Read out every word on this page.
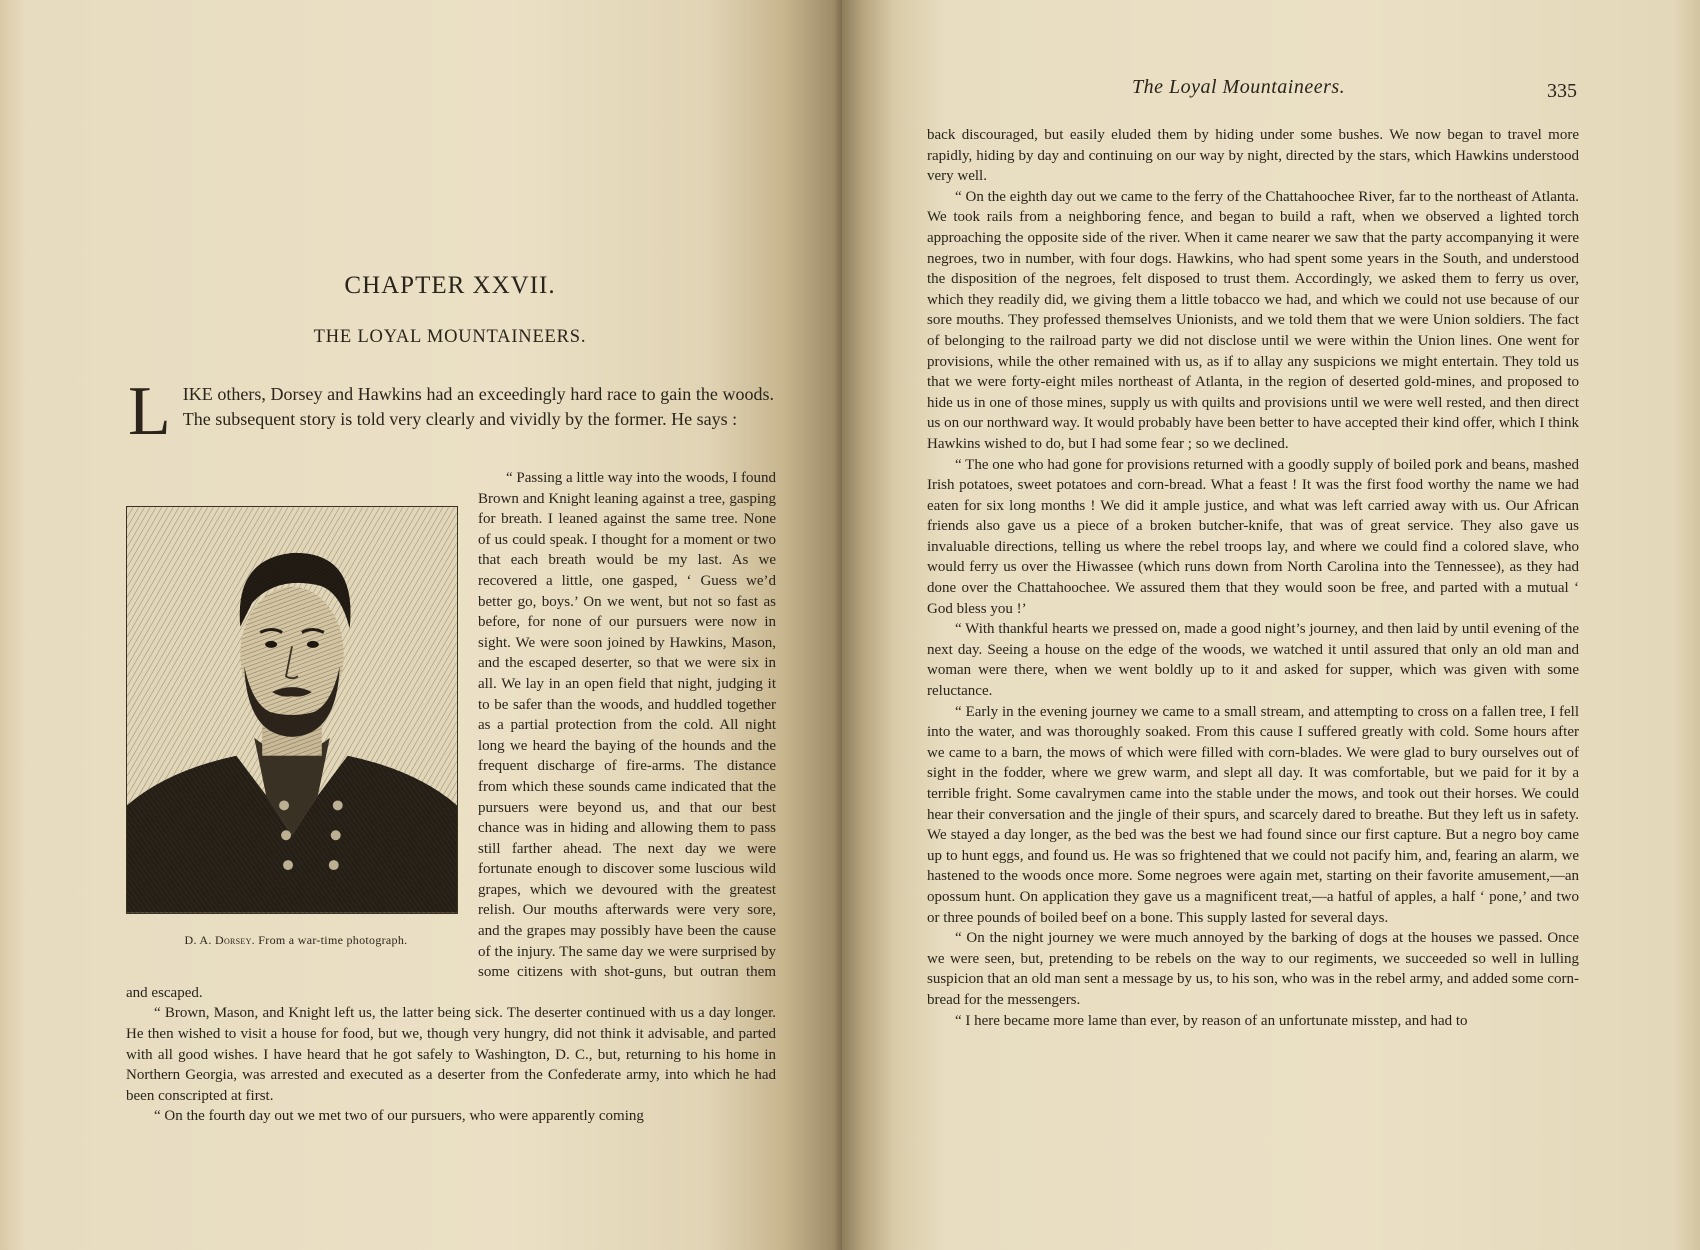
CHAPTER XXVII.
THE LOYAL MOUNTAINEERS.
L IKE others, Dorsey and Hawkins had an exceedingly hard race to gain the woods. The subsequent story is told very clearly and vividly by the former. He says :
D. A. Dorsey. From a war-time photograph.

“ Passing a little way into the woods, I found Brown and Knight leaning against a tree, gasping for breath. I leaned against the same tree. None of us could speak. I thought for a moment or two that each breath would be my last. As we recovered a little, one gasped, ‘ Guess we’d better go, boys.’ On we went, but not so fast as before, for none of our pursuers were now in sight. We were soon joined by Hawkins, Mason, and the escaped deserter, so that we were six in all. We lay in an open field that night, judging it to be safer than the woods, and huddled together as a partial protection from the cold. All night long we heard the baying of the hounds and the frequent discharge of fire-arms. The distance from which these sounds came indicated that the pursuers were beyond us, and that our best chance was in hiding and allowing them to pass still farther ahead. The next day we were fortunate enough to discover some luscious wild grapes, which we devoured with the greatest relish. Our mouths afterwards were very sore, and the grapes may possibly have been the cause of the injury. The same day we were surprised by some citizens with shot-guns, but outran them and escaped.

“ Brown, Mason, and Knight left us, the latter being sick. The deserter continued with us a day longer. He then wished to visit a house for food, but we, though very hungry, did not think it advisable, and parted with all good wishes. I have heard that he got safely to Washington, D. C., but, returning to his home in Northern Georgia, was arrested and executed as a deserter from the Confederate army, into which he had been conscripted at first.

“ On the fourth day out we met two of our pursuers, who were apparently coming

The Loyal Mountaineers.	335

back discouraged, but easily eluded them by hiding under some bushes. We now began to travel more rapidly, hiding by day and continuing on our way by night, directed by the stars, which Hawkins understood very well.

“ On the eighth day out we came to the ferry of the Chattahoochee River, far to the northeast of Atlanta. We took rails from a neighboring fence, and began to build a raft, when we observed a lighted torch approaching the opposite side of the river. When it came nearer we saw that the party accompanying it were negroes, two in number, with four dogs. Hawkins, who had spent some years in the South, and understood the disposition of the negroes, felt disposed to trust them. Accordingly, we asked them to ferry us over, which they readily did, we giving them a little tobacco we had, and which we could not use because of our sore mouths. They professed themselves Unionists, and we told them that we were Union soldiers. The fact of belonging to the railroad party we did not disclose until we were within the Union lines. One went for provisions, while the other remained with us, as if to allay any suspicions we might entertain. They told us that we were forty-eight miles northeast of Atlanta, in the region of deserted gold-mines, and proposed to hide us in one of those mines, supply us with quilts and provisions until we were well rested, and then direct us on our northward way. It would probably have been better to have accepted their kind offer, which I think Hawkins wished to do, but I had some fear ; so we declined.

“ The one who had gone for provisions returned with a goodly supply of boiled pork and beans, mashed Irish potatoes, sweet potatoes and corn-bread. What a feast ! It was the first food worthy the name we had eaten for six long months ! We did it ample justice, and what was left carried away with us. Our African friends also gave us a piece of a broken butcher-knife, that was of great service. They also gave us invaluable directions, telling us where the rebel troops lay, and where we could find a colored slave, who would ferry us over the Hiwassee (which runs down from North Carolina into the Tennessee), as they had done over the Chattahoochee. We assured them that they would soon be free, and parted with a mutual ‘ God bless you !’

“ With thankful hearts we pressed on, made a good night’s journey, and then laid by until evening of the next day. Seeing a house on the edge of the woods, we watched it until assured that only an old man and woman were there, when we went boldly up to it and asked for supper, which was given with some reluctance.

“ Early in the evening journey we came to a small stream, and attempting to cross on a fallen tree, I fell into the water, and was thoroughly soaked. From this cause I suffered greatly with cold. Some hours after we came to a barn, the mows of which were filled with corn-blades. We were glad to bury ourselves out of sight in the fodder, where we grew warm, and slept all day. It was comfortable, but we paid for it by a terrible fright. Some cavalrymen came into the stable under the mows, and took out their horses. We could hear their conversation and the jingle of their spurs, and scarcely dared to breathe. But they left us in safety. We stayed a day longer, as the bed was the best we had found since our first capture. But a negro boy came up to hunt eggs, and found us. He was so frightened that we could not pacify him, and, fearing an alarm, we hastened to the woods once more. Some negroes were again met, starting on their favorite amusement,—an opossum hunt. On application they gave us a magnificent treat,—a hatful of apples, a half ‘ pone,’ and two or three pounds of boiled beef on a bone. This supply lasted for several days.

“ On the night journey we were much annoyed by the barking of dogs at the houses we passed. Once we were seen, but, pretending to be rebels on the way to our regiments, we succeeded so well in lulling suspicion that an old man sent a message by us, to his son, who was in the rebel army, and added some corn-bread for the messengers.

“ I here became more lame than ever, by reason of an unfortunate misstep, and had to
